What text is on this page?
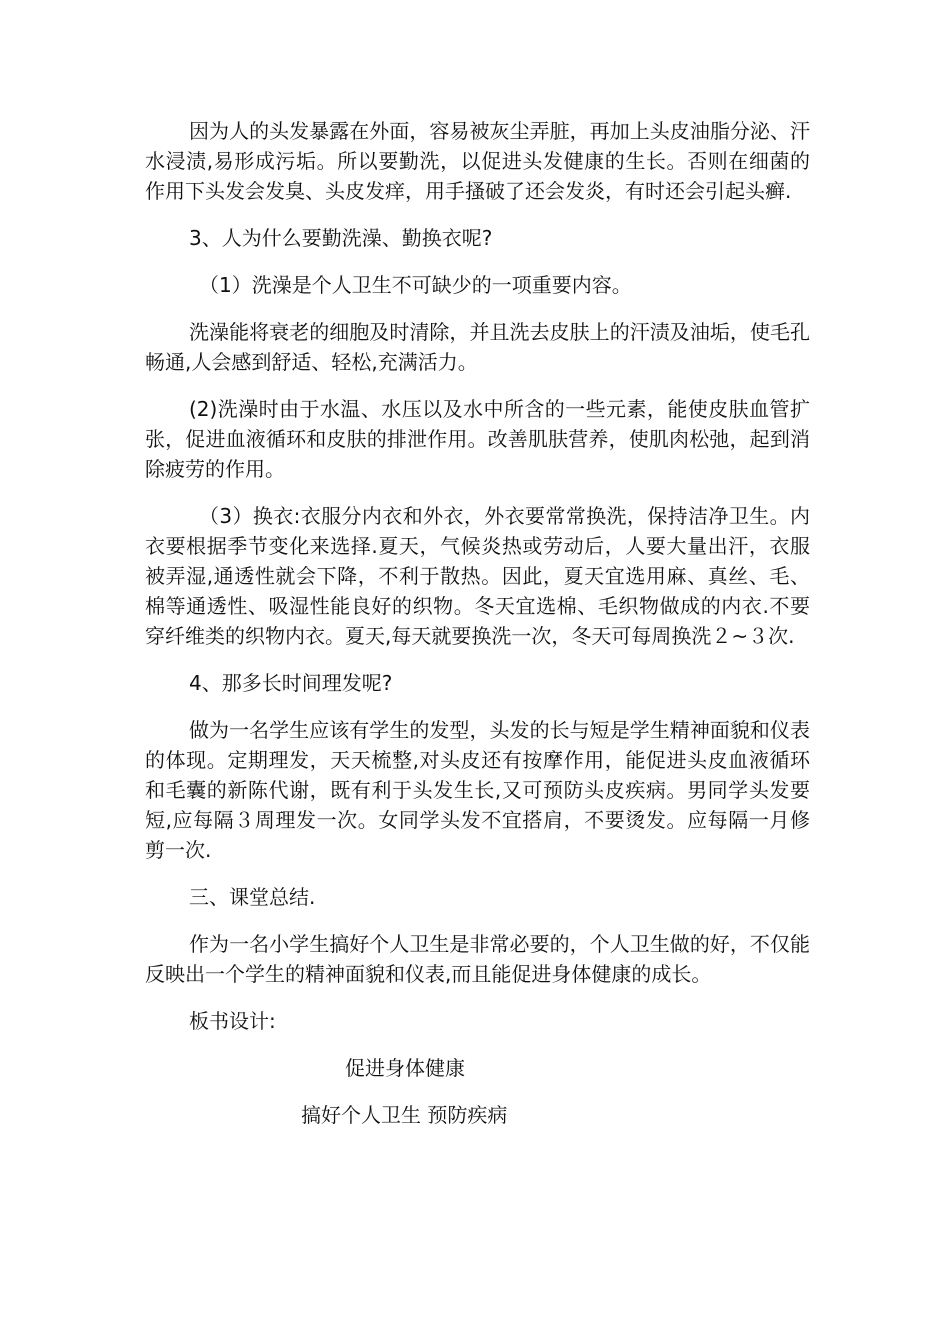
因为人的头发暴露在外面，容易被灰尘弄脏，再加上头皮油脂分泌、汗水浸渍,易形成污垢。所以要勤洗，以促进头发健康的生长。否则在细菌的作用下头发会发臭、头皮发痒，用手搔破了还会发炎，有时还会引起头癣.

3、人为什么要勤洗澡、勤换衣呢?

（1）洗澡是个人卫生不可缺少的一项重要内容。

洗澡能将衰老的细胞及时清除，并且洗去皮肤上的汗渍及油垢，使毛孔畅通,人会感到舒适、轻松,充满活力。

(2)洗澡时由于水温、水压以及水中所含的一些元素，能使皮肤血管扩张，促进血液循环和皮肤的排泄作用。改善肌肤营养，使肌肉松弛，起到消除疲劳的作用。

（3）换衣:衣服分内衣和外衣，外衣要常常换洗，保持洁净卫生。内衣要根据季节变化来选择.夏天，气候炎热或劳动后，人要大量出汗，衣服被弄湿,通透性就会下降，不利于散热。因此，夏天宜选用麻、真丝、毛、棉等通透性、吸湿性能良好的织物。冬天宜选棉、毛织物做成的内衣.不要穿纤维类的织物内衣。夏天,每天就要换洗一次，冬天可每周换洗２~３次.

4、那多长时间理发呢?

做为一名学生应该有学生的发型，头发的长与短是学生精神面貌和仪表的体现。定期理发，天天梳整,对头皮还有按摩作用，能促进头皮血液循环和毛囊的新陈代谢，既有利于头发生长,又可预防头皮疾病。男同学头发要短,应每隔３周理发一次。女同学头发不宜搭肩，不要烫发。应每隔一月修剪一次.

三、课堂总结.

作为一名小学生搞好个人卫生是非常必要的，个人卫生做的好，不仅能反映出一个学生的精神面貌和仪表,而且能促进身体健康的成长。

板书设计:

促进身体健康

搞好个人卫生 预防疾病
